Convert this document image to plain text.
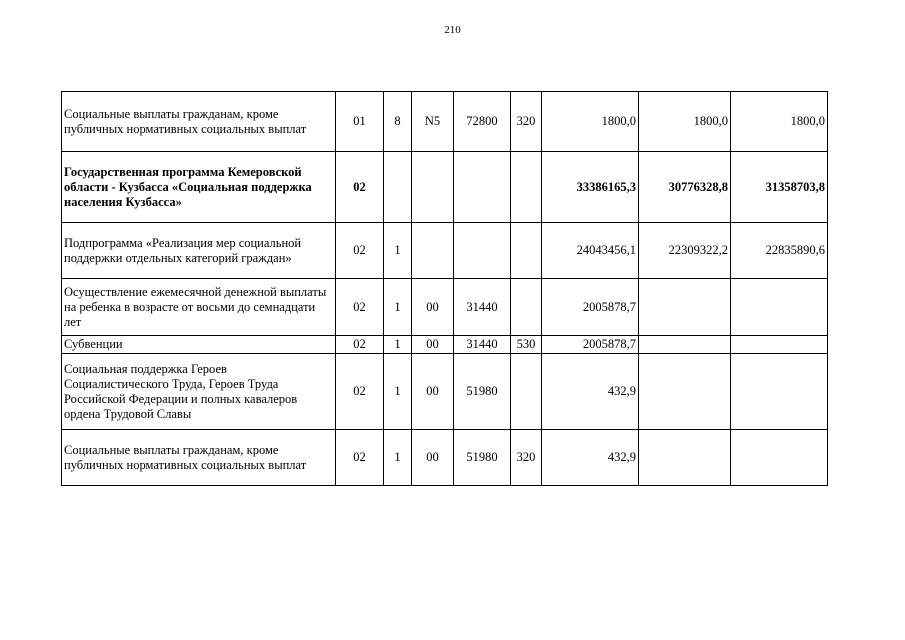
210
Социальные выплаты гражданам, кроме публичных нормативных социальных выплат	01	8	N5	72800	320	1800,0	1800,0	1800,0
Государственная программа Кемеровской области - Кузбасса «Социальная поддержка населения Кузбасса»	02					33386165,3	30776328,8	31358703,8
Подпрограмма «Реализация мер социальной поддержки отдельных категорий граждан»	02	1				24043456,1	22309322,2	22835890,6
Осуществление ежемесячной денежной выплаты на ребенка в возрасте от восьми до семнадцати лет	02	1	00	31440		2005878,7		
Субвенции	02	1	00	31440	530	2005878,7		
Социальная поддержка Героев Социалистического Труда, Героев Труда Российской Федерации и полных кавалеров ордена Трудовой Славы	02	1	00	51980		432,9		
Социальные выплаты гражданам, кроме публичных нормативных социальных выплат	02	1	00	51980	320	432,9		
